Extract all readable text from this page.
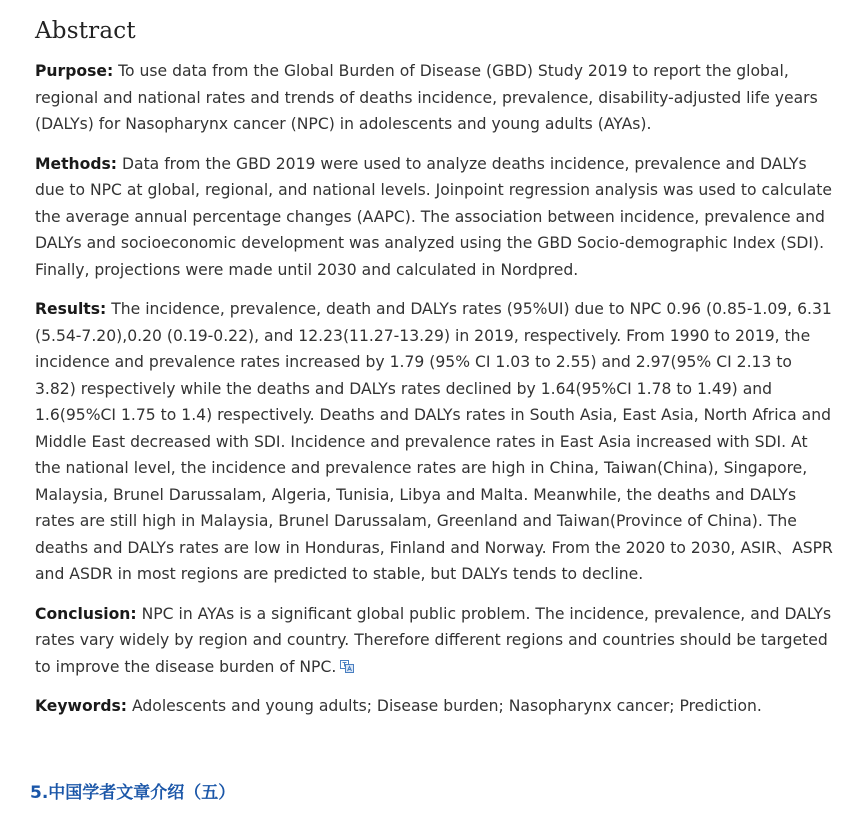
Abstract

Purpose: To use data from the Global Burden of Disease (GBD) Study 2019 to report the global, regional and national rates and trends of deaths incidence, prevalence, disability-adjusted life years (DALYs) for Nasopharynx cancer (NPC) in adolescents and young adults (AYAs).

Methods: Data from the GBD 2019 were used to analyze deaths incidence, prevalence and DALYs due to NPC at global, regional, and national levels. Joinpoint regression analysis was used to calculate the average annual percentage changes (AAPC). The association between incidence, prevalence and DALYs and socioeconomic development was analyzed using the GBD Socio-demographic Index (SDI). Finally, projections were made until 2030 and calculated in Nordpred.

Results: The incidence, prevalence, death and DALYs rates (95%UI) due to NPC 0.96 (0.85-1.09, 6.31 (5.54-7.20),0.20 (0.19-0.22), and 12.23(11.27-13.29) in 2019, respectively. From 1990 to 2019, the incidence and prevalence rates increased by 1.79 (95% CI 1.03 to 2.55) and 2.97(95% CI 2.13 to 3.82) respectively while the deaths and DALYs rates declined by 1.64(95%CI 1.78 to 1.49) and 1.6(95%CI 1.75 to 1.4) respectively. Deaths and DALYs rates in South Asia, East Asia, North Africa and Middle East decreased with SDI. Incidence and prevalence rates in East Asia increased with SDI. At the national level, the incidence and prevalence rates are high in China, Taiwan(China), Singapore, Malaysia, Brunel Darussalam, Algeria, Tunisia, Libya and Malta. Meanwhile, the deaths and DALYs rates are still high in Malaysia, Brunel Darussalam, Greenland and Taiwan(Province of China). The deaths and DALYs rates are low in Honduras, Finland and Norway. From the 2020 to 2030, ASIR、ASPR and ASDR in most regions are predicted to stable, but DALYs tends to decline.

Conclusion: NPC in AYAs is a significant global public problem. The incidence, prevalence, and DALYs rates vary widely by region and country. Therefore different regions and countries should be targeted to improve the disease burden of NPC.

Keywords: Adolescents and young adults; Disease burden; Nasopharynx cancer; Prediction.

5.中国学者文章介绍（五）
